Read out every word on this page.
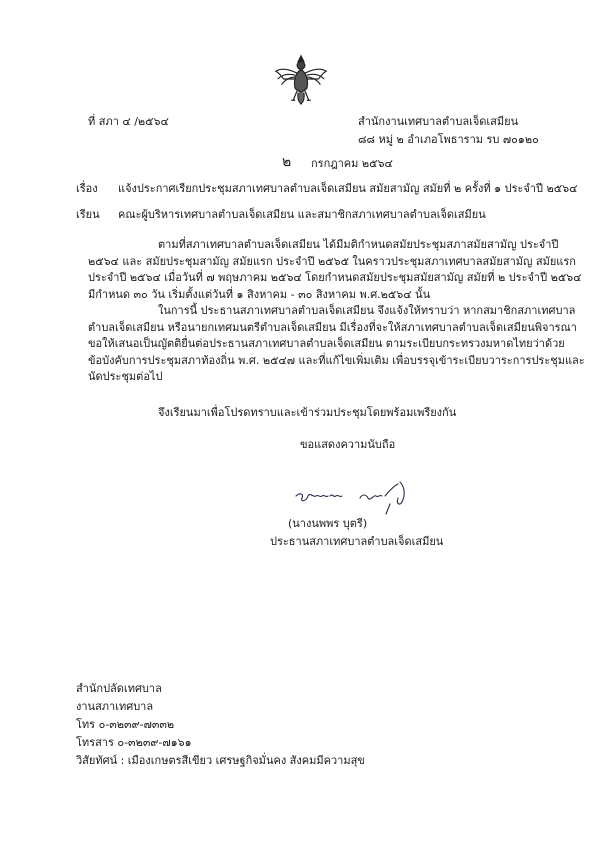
ที่ สภา ๔ /๒๕๖๔	สำนักงานเทศบาลตำบลเจ็ดเสมียน
๘๘ หมู่ ๒ อำเภอโพธาราม รบ ๗๐๑๒๐
๒ กรกฎาคม ๒๕๖๔
เรื่อง แจ้งประกาศเรียกประชุมสภาเทศบาลตำบลเจ็ดเสมียน สมัยสามัญ สมัยที่ ๒ ครั้งที่ ๑ ประจำปี ๒๕๖๔
เรียน คณะผู้บริหารเทศบาลตำบลเจ็ดเสมียน และสมาชิกสภาเทศบาลตำบลเจ็ดเสมียน
ตามที่สภาเทศบาลตำบลเจ็ดเสมียน ได้มีมติกำหนดสมัยประชุมสภาสมัยสามัญ ประจำปี
๒๕๖๔ และ สมัยประชุมสามัญ สมัยแรก ประจำปี ๒๕๖๕ ในคราวประชุมสภาเทศบาลสมัยสามัญ สมัยแรก
ประจำปี ๒๕๖๔ เมื่อวันที่ ๗ พฤษภาคม ๒๕๖๔ โดยกำหนดสมัยประชุมสมัยสามัญ สมัยที่ ๒ ประจำปี ๒๕๖๔
มีกำหนด ๓๐ วัน เริ่มตั้งแต่วันที่ ๑ สิงหาคม - ๓๐ สิงหาคม พ.ศ.๒๕๖๔ นั้น
ในการนี้ ประธานสภาเทศบาลตำบลเจ็ดเสมียน จึงแจ้งให้ทราบว่า หากสมาชิกสภาเทศบาล
ตำบลเจ็ดเสมียน หรือนายกเทศมนตรีตำบลเจ็ดเสมียน มีเรื่องที่จะให้สภาเทศบาลตำบลเจ็ดเสมียนพิจารณา
ขอให้เสนอเป็นญัตติยื่นต่อประธานสภาเทศบาลตำบลเจ็ดเสมียน ตามระเบียบกระทรวงมหาดไทยว่าด้วย
ข้อบังคับการประชุมสภาท้องถิ่น พ.ศ. ๒๕๔๗ และที่แก้ไขเพิ่มเติม เพื่อบรรจุเข้าระเบียบวาระการประชุมและ
นัดประชุมต่อไป
จึงเรียนมาเพื่อโปรดทราบและเข้าร่วมประชุมโดยพร้อมเพรียงกัน
ขอแสดงความนับถือ
(นางนพพร บุตรี)
ประธานสภาเทศบาลตำบลเจ็ดเสมียน
สำนักปลัดเทศบาล
งานสภาเทศบาล
โทร ๐-๓๒๓๙-๗๓๓๒
โทรสาร ๐-๓๒๓๙-๗๑๖๑
วิสัยทัศน์ : เมืองเกษตรสีเขียว เศรษฐกิจมั่นคง สังคมมีความสุข
